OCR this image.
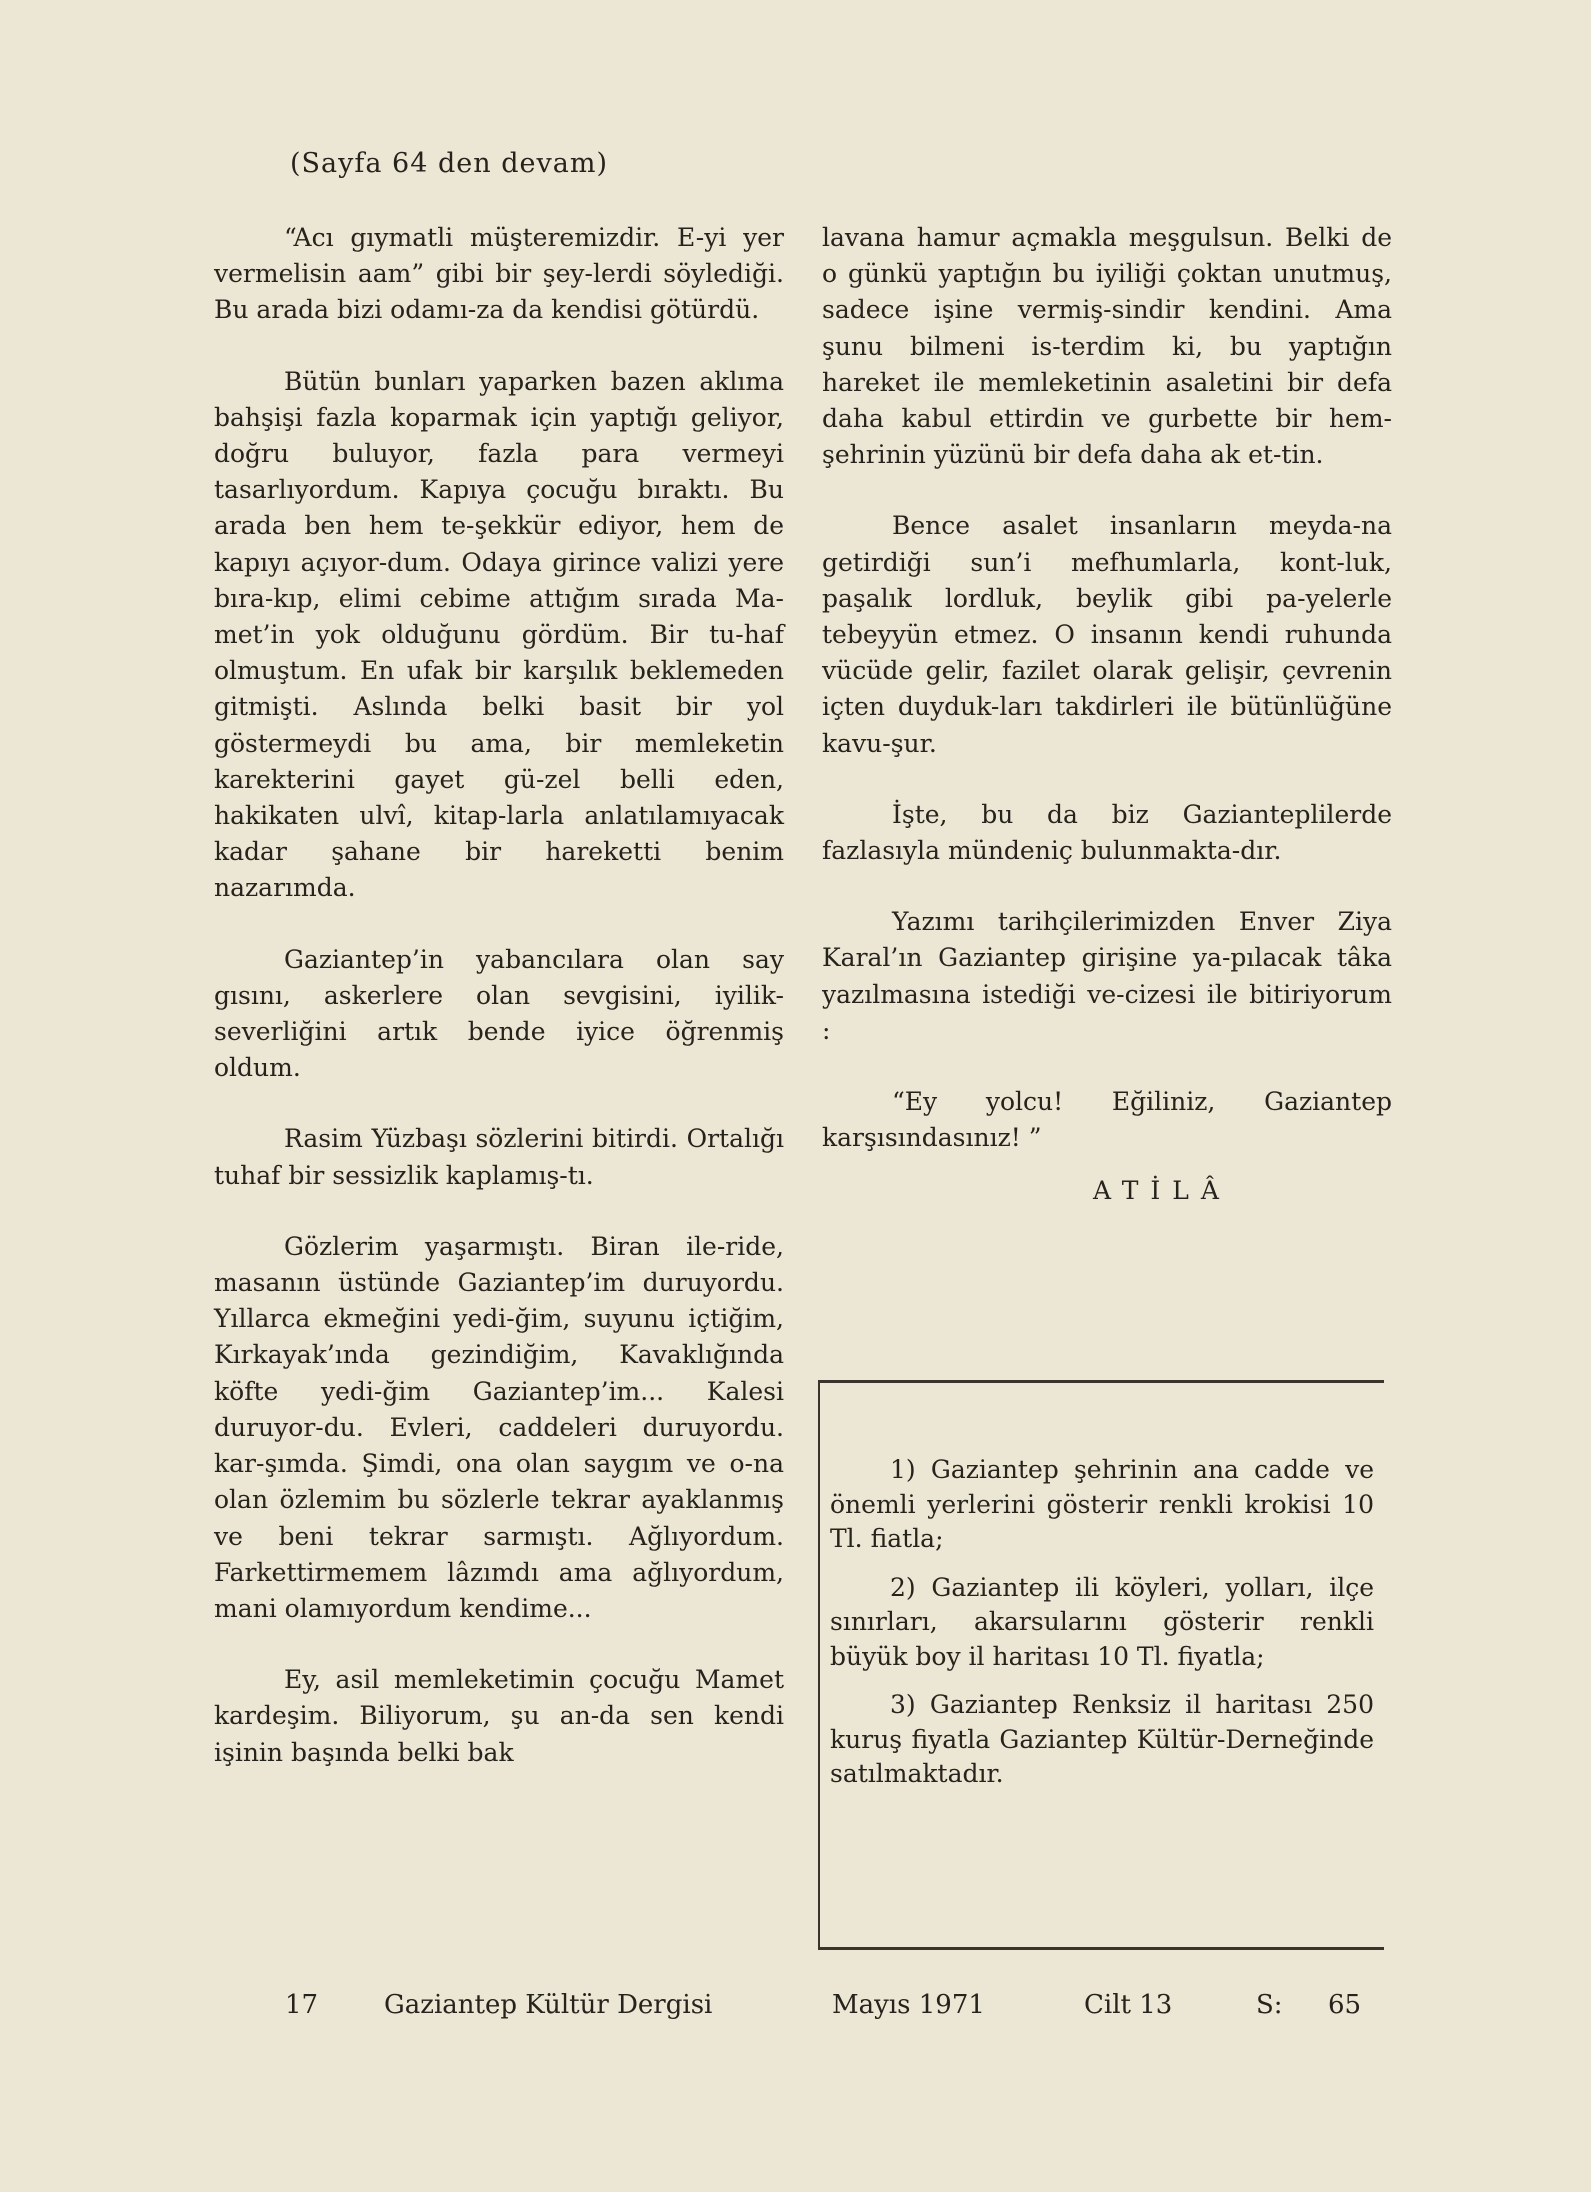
(Sayfa 64 den devam)

“Acı gıymatli müşteremizdir. E-yi yer vermelisin aam” gibi bir şey-lerdi söylediği. Bu arada bizi odamı-za da kendisi götürdü.

Bütün bunları yaparken bazen aklıma bahşişi fazla koparmak için yaptığı geliyor, doğru buluyor, fazla para vermeyi tasarlıyordum. Kapıya çocuğu bıraktı. Bu arada ben hem te-şekkür ediyor, hem de kapıyı açıyor-dum. Odaya girince valizi yere bıra-kıp, elimi cebime attığım sırada Ma-met’in yok olduğunu gördüm. Bir tu-haf olmuştum. En ufak bir karşılık beklemeden gitmişti. Aslında belki basit bir yol göstermeydi bu ama, bir memleketin karekterini gayet gü-zel belli eden, hakikaten ulvî, kitap-larla anlatılamıyacak kadar şahane bir hareketti benim nazarımda.

Gaziantep’in yabancılara olan say gısını, askerlere olan sevgisini, iyilik-severliğini artık bende iyice öğrenmiş oldum.

Rasim Yüzbaşı sözlerini bitirdi. Ortalığı tuhaf bir sessizlik kaplamış-tı.

Gözlerim yaşarmıştı. Biran ile-ride, masanın üstünde Gaziantep’im duruyordu. Yıllarca ekmeğini yedi-ğim, suyunu içtiğim, Kırkayak’ında gezindiğim, Kavaklığında köfte yedi-ğim Gaziantep’im... Kalesi duruyor-du. Evleri, caddeleri duruyordu. kar-şımda. Şimdi, ona olan saygım ve o-na olan özlemim bu sözlerle tekrar ayaklanmış ve beni tekrar sarmıştı. Ağlıyordum. Farkettirmemem lâzımdı ama ağlıyordum, mani olamıyordum kendime...

Ey, asil memleketimin çocuğu Mamet kardeşim. Biliyorum, şu an-da sen kendi işinin başında belki bak

lavana hamur açmakla meşgulsun. Belki de o günkü yaptığın bu iyiliği çoktan unutmuş, sadece işine vermiş-sindir kendini. Ama şunu bilmeni is-terdim ki, bu yaptığın hareket ile memleketinin asaletini bir defa daha kabul ettirdin ve gurbette bir hem-şehrinin yüzünü bir defa daha ak et-tin.

Bence asalet insanların meyda-na getirdiği sun’i mefhumlarla, kont-luk, paşalık lordluk, beylik gibi pa-yelerle tebeyyün etmez. O insanın kendi ruhunda vücüde gelir, fazilet olarak gelişir, çevrenin içten duyduk-ları takdirleri ile bütünlüğüne kavu-şur.

İşte, bu da biz Gazianteplilerde fazlasıyla mündeniç bulunmakta-dır.

Yazımı tarihçilerimizden Enver Ziya Karal’ın Gaziantep girişine ya-pılacak tâka yazılmasına istediği ve-cizesi ile bitiriyorum :

“Ey yolcu! Eğiliniz, Gaziantep karşısındasınız! ”

ATİLÂ

1) Gaziantep şehrinin ana cadde ve önemli yerlerini gösterir renkli krokisi 10 Tl. fiatla;

2) Gaziantep ili köyleri, yolları, ilçe sınırları, akarsularını gösterir renkli büyük boy il haritası 10 Tl. fiyatla;

3) Gaziantep Renksiz il haritası 250 kuruş fiyatla Gaziantep Kültür-Derneğinde satılmaktadır.

17	Gaziantep Kültür Dergisi	Mayıs 1971	Cilt 13	S: 65
